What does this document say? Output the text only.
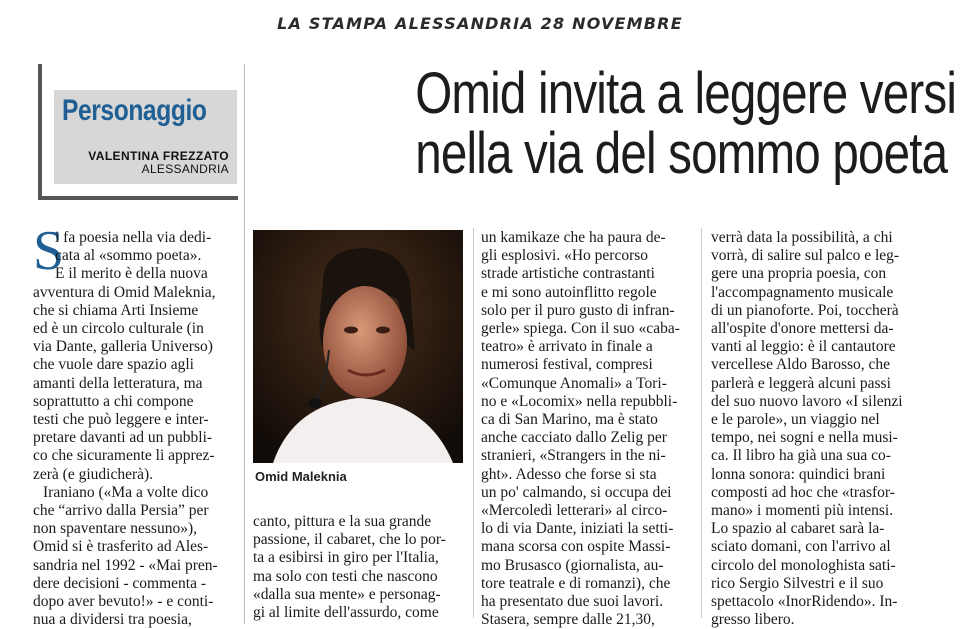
LA STAMPA ALESSANDRIA 28 NOVEMBRE
Personaggio
VALENTINA FREZZATO
ALESSANDRIA
Omid invita a leggere versi
nella via del sommo poeta
S

i fa poesia nella via dedi-

cata al «sommo poeta».

E il merito è della nuova

avventura di Omid Maleknia,

che si chiama Arti Insieme

ed è un circolo culturale (in

via Dante, galleria Universo)

che vuole dare spazio agli

amanti della letteratura, ma

soprattutto a chi compone

testi che può leggere e inter-

pretare davanti ad un pubbli-

co che sicuramente li apprez-

zerà (e giudicherà).

Iraniano («Ma a volte dico

che “arrivo dalla Persia” per

non spaventare nessuno»),

Omid si è trasferito ad Ales-

sandria nel 1992 - «Mai pren-

dere decisioni - commenta -

dopo aver bevuto!» - e conti-

nua a dividersi tra poesia,

Omid Maleknia

canto, pittura e la sua grande

passione, il cabaret, che lo por-

ta a esibirsi in giro per l'Italia,

ma solo con testi che nascono

«dalla sua mente» e personag-

gi al limite dell'assurdo, come

un kamikaze che ha paura de-

gli esplosivi. «Ho percorso

strade artistiche contrastanti

e mi sono autoinflitto regole

solo per il puro gusto di infran-

gerle» spiega. Con il suo «caba-

teatro» è arrivato in finale a

numerosi festival, compresi

«Comunque Anomali» a Tori-

no e «Locomix» nella repubbli-

ca di San Marino, ma è stato

anche cacciato dallo Zelig per

stranieri, «Strangers in the ni-

ght». Adesso che forse si sta

un po' calmando, si occupa dei

«Mercoledì letterari» al circo-

lo di via Dante, iniziati la setti-

mana scorsa con ospite Massi-

mo Brusasco (giornalista, au-

tore teatrale e di romanzi), che

ha presentato due suoi lavori.

Stasera, sempre dalle 21,30,

verrà data la possibilità, a chi

vorrà, di salire sul palco e leg-

gere una propria poesia, con

l'accompagnamento musicale

di un pianoforte. Poi, toccherà

all'ospite d'onore mettersi da-

vanti al leggio: è il cantautore

vercellese Aldo Barosso, che

parlerà e leggerà alcuni passi

del suo nuovo lavoro «I silenzi

e le parole», un viaggio nel

tempo, nei sogni e nella musi-

ca. Il libro ha già una sua co-

lonna sonora: quindici brani

composti ad hoc che «trasfor-

mano» i momenti più intensi.

Lo spazio al cabaret sarà la-

sciato domani, con l'arrivo al

circolo del monologhista sati-

rico Sergio Silvestri e il suo

spettacolo «InorRidendo». In-

gresso libero.
